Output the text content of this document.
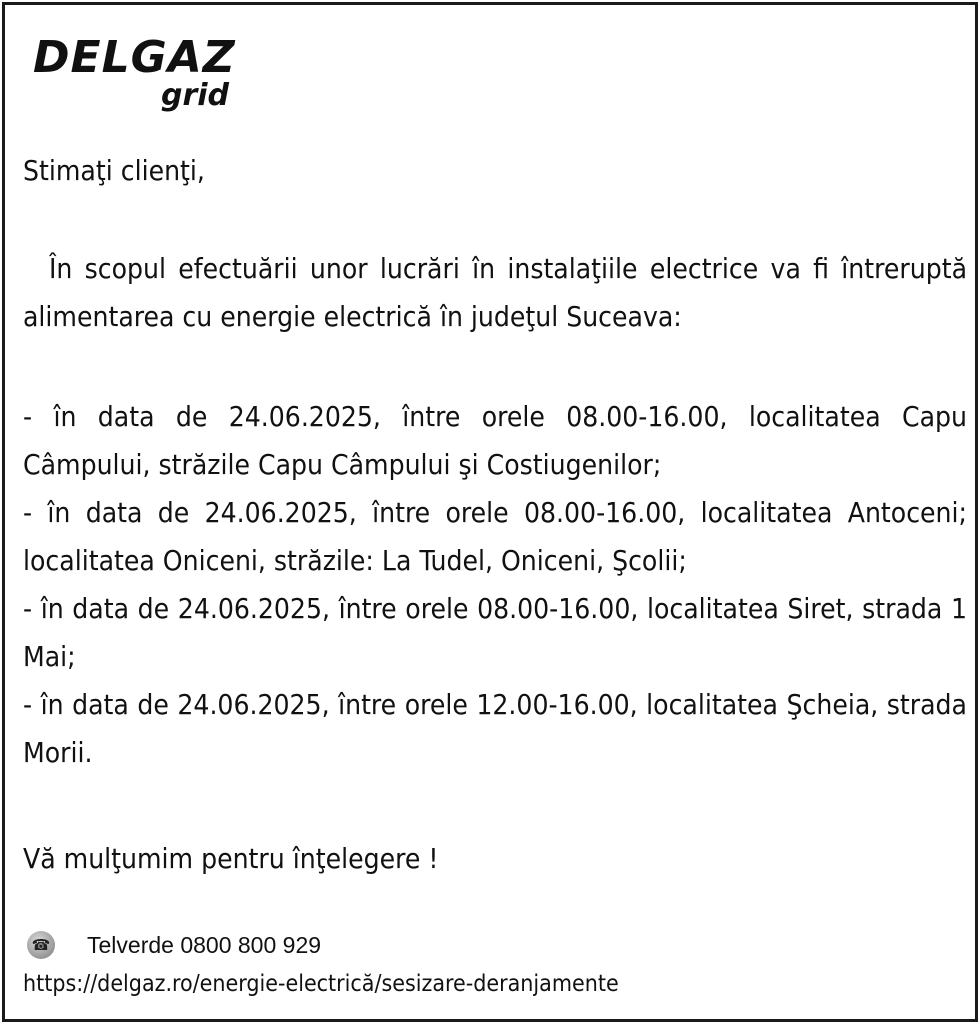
DELGAZ
grid
Stimaţi clienţi,
În scopul efectuării unor lucrări în instalaţiile electrice va fi întreruptă alimentarea cu energie electrică în judeţul Suceava:
- în data de 24.06.2025, între orele 08.00-16.00, localitatea Capu Câmpului, străzile Capu Câmpului şi Costiugenilor;
- în data de 24.06.2025, între orele 08.00-16.00, localitatea Antoceni; localitatea Oniceni, străzile: La Tudel, Oniceni, Şcolii;
- în data de 24.06.2025, între orele 08.00-16.00, localitatea Siret, strada 1 Mai;
- în data de 24.06.2025, între orele 12.00-16.00, localitatea Şcheia, strada Morii.
Vă mulţumim pentru înţelegere !
☎ Telverde 0800 800 929
https://delgaz.ro/energie-electrică/sesizare-deranjamente
